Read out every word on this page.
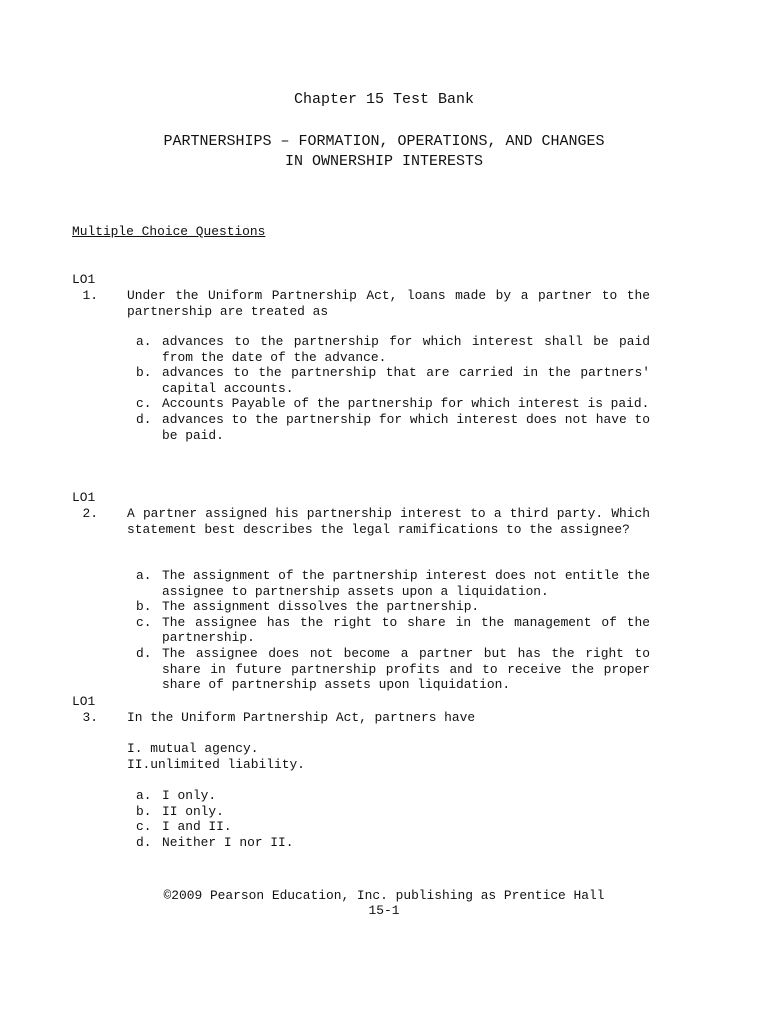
Chapter 15 Test Bank
PARTNERSHIPS – FORMATION, OPERATIONS, AND CHANGES
IN OWNERSHIP INTERESTS
Multiple Choice Questions
LO1
1. Under the Uniform Partnership Act, loans made by a partner to the partnership are treated as
a. advances to the partnership for which interest shall be paid from the date of the advance.
b. advances to the partnership that are carried in the partners' capital accounts.
c. Accounts Payable of the partnership for which interest is paid.
d. advances to the partnership for which interest does not have to be paid.
LO1
2. A partner assigned his partnership interest to a third party. Which statement best describes the legal ramifications to the assignee?
a. The assignment of the partnership interest does not entitle the assignee to partnership assets upon a liquidation.
b. The assignment dissolves the partnership.
c. The assignee has the right to share in the management of the partnership.
d. The assignee does not become a partner but has the right to share in future partnership profits and to receive the proper share of partnership assets upon liquidation.
LO1
3. In the Uniform Partnership Act, partners have
I. mutual agency.
II.unlimited liability.
a. I only.
b. II only.
c. I and II.
d. Neither I nor II.
©2009 Pearson Education, Inc. publishing as Prentice Hall
15-1
